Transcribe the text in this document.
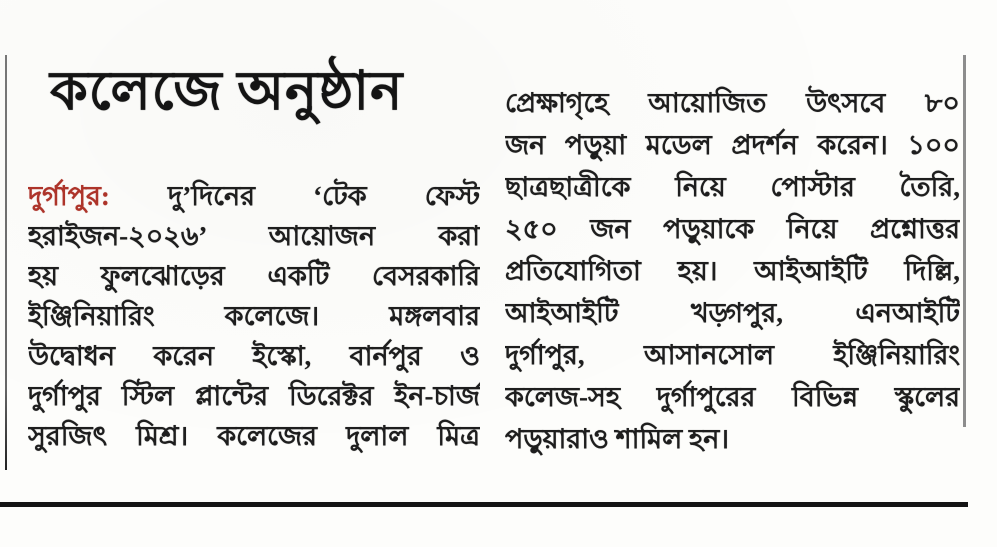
কলেজে অনুষ্ঠান
দুর্গাপুর: দু’দিনের ‘টেক ফেস্ট
হরাইজন-২০২৬’ আয়োজন করা
হয় ফুলঝোড়ের একটি বেসরকারি
ইঞ্জিনিয়ারিং কলেজে। মঙ্গলবার
উদ্বোধন করেন ইস্কো, বার্নপুর ও
দুর্গাপুর স্টিল প্লান্টের ডিরেক্টর ইন-চার্জ
সুরজিৎ মিশ্র। কলেজের দুলাল মিত্র
প্রেক্ষাগৃহে আয়োজিত উৎসবে ৮০
জন পড়ুয়া মডেল প্রদর্শন করেন। ১০০
ছাত্রছাত্রীকে নিয়ে পোস্টার তৈরি,
২৫০ জন পড়ুয়াকে নিয়ে প্রশ্নোত্তর
প্রতিযোগিতা হয়। আইআইটি দিল্লি,
আইআইটি খড়্গপুর, এনআইটি
দুর্গাপুর, আসানসোল ইঞ্জিনিয়ারিং
কলেজ-সহ দুর্গাপুরের বিভিন্ন স্কুলের
পড়ুয়ারাও শামিল হন।
